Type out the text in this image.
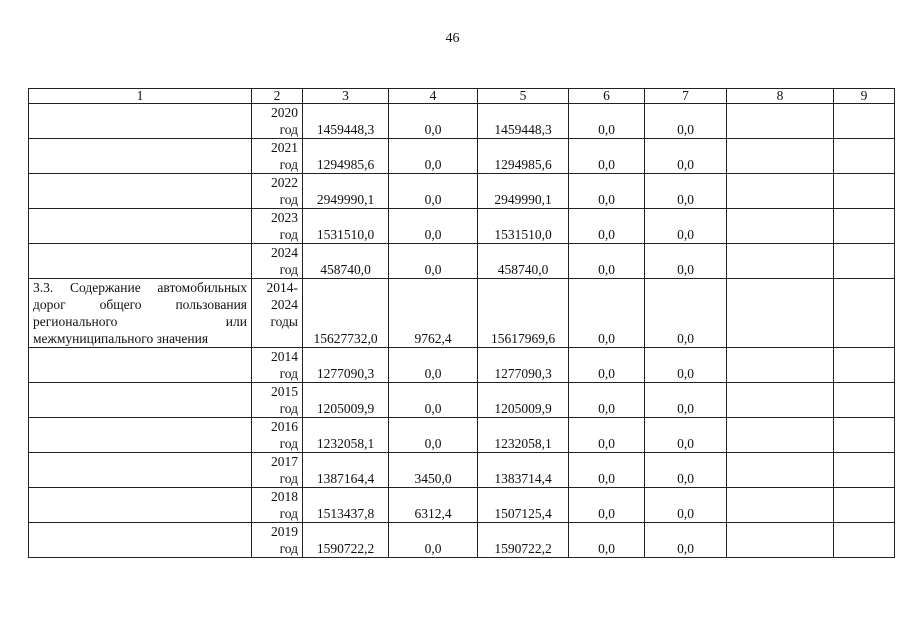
46
1	2	3	4	5	6	7	8	9

	2020
год	1459448,3	0,0	1459448,3	0,0	0,0		

	2021
год	1294985,6	0,0	1294985,6	0,0	0,0		

	2022
год	2949990,1	0,0	2949990,1	0,0	0,0		

	2023
год	1531510,0	0,0	1531510,0	0,0	0,0		

	2024
год	458740,0	0,0	458740,0	0,0	0,0		

3.3. Содержание автомобильных
дорог общего пользования
регионального или
межмуниципального значения	2014-
2024
годы	15627732,0	9762,4	15617969,6	0,0	0,0		

	2014
год	1277090,3	0,0	1277090,3	0,0	0,0		

	2015
год	1205009,9	0,0	1205009,9	0,0	0,0		

	2016
год	1232058,1	0,0	1232058,1	0,0	0,0		

	2017
год	1387164,4	3450,0	1383714,4	0,0	0,0		

	2018
год	1513437,8	6312,4	1507125,4	0,0	0,0		

	2019
год	1590722,2	0,0	1590722,2	0,0	0,0		
